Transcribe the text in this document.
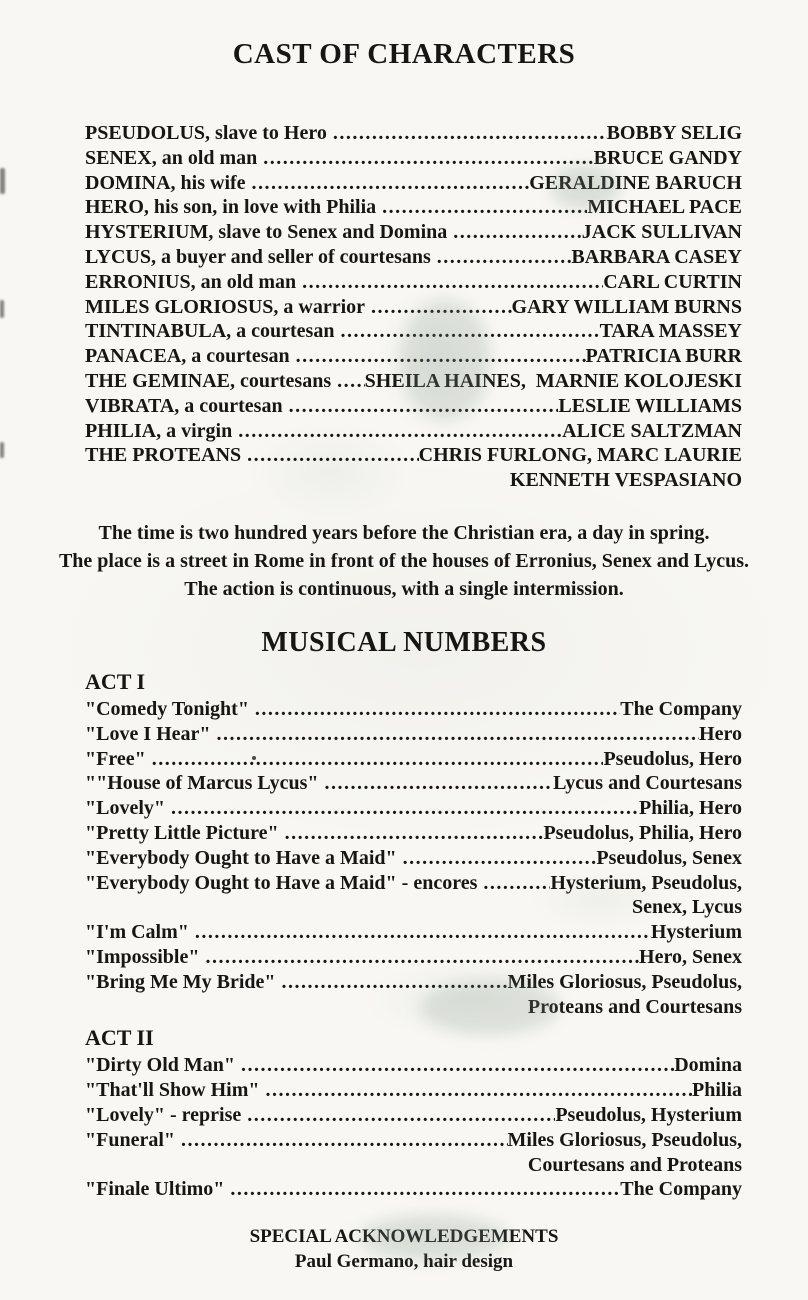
CAST OF CHARACTERS
PSEUDOLUS, slave to Hero .....	BOBBY SELIG
SENEX, an old man .....	BRUCE GANDY
DOMINA, his wife .....	GERALDINE BARUCH
HERO, his son, in love with Philia .....	MICHAEL PACE
HYSTERIUM, slave to Senex and Domina .....	JACK SULLIVAN
LYCUS, a buyer and seller of courtesans .....	BARBARA CASEY
ERRONIUS, an old man .....	CARL CURTIN
MILES GLORIOSUS, a warrior .....	GARY WILLIAM BURNS
TINTINABULA, a courtesan .....	TARA MASSEY
PANACEA, a courtesan .....	PATRICIA BURR
THE GEMINAE, courtesans ..... SHEILA HAINES,  MARNIE KOLOJESKI
VIBRATA, a courtesan .....	LESLIE WILLIAMS
PHILIA, a virgin .....	ALICE SALTZMAN
THE PROTEANS .....	CHRIS FURLONG, MARC LAURIE
KENNETH VESPASIANO
The time is two hundred years before the Christian era, a day in spring.
The place is a street in Rome in front of the houses of Erronius, Senex and Lycus.
The action is continuous, with a single intermission.
MUSICAL NUMBERS
ACT I
"Comedy Tonight" .....	The Company
"Love I Hear" .....	Hero
"Free" .....	Pseudolus, Hero
""House of Marcus Lycus" .....	Lycus and Courtesans
"Lovely" .....	Philia, Hero
"Pretty Little Picture" .....	Pseudolus, Philia, Hero
"Everybody Ought to Have a Maid" .....	Pseudolus, Senex
"Everybody Ought to Have a Maid" - encores .....	Hysterium, Pseudolus,
Senex, Lycus
"I'm Calm" .....	Hysterium
"Impossible" .....	Hero, Senex
"Bring Me My Bride" .....	Miles Gloriosus, Pseudolus,
Proteans and Courtesans
ACT II
"Dirty Old Man" .....	Domina
"That'll Show Him" .....	Philia
"Lovely" - reprise .....	Pseudolus, Hysterium
"Funeral" .....	Miles Gloriosus, Pseudolus,
Courtesans and Proteans
"Finale Ultimo" .....	The Company
SPECIAL ACKNOWLEDGEMENTS
Paul Germano, hair design
